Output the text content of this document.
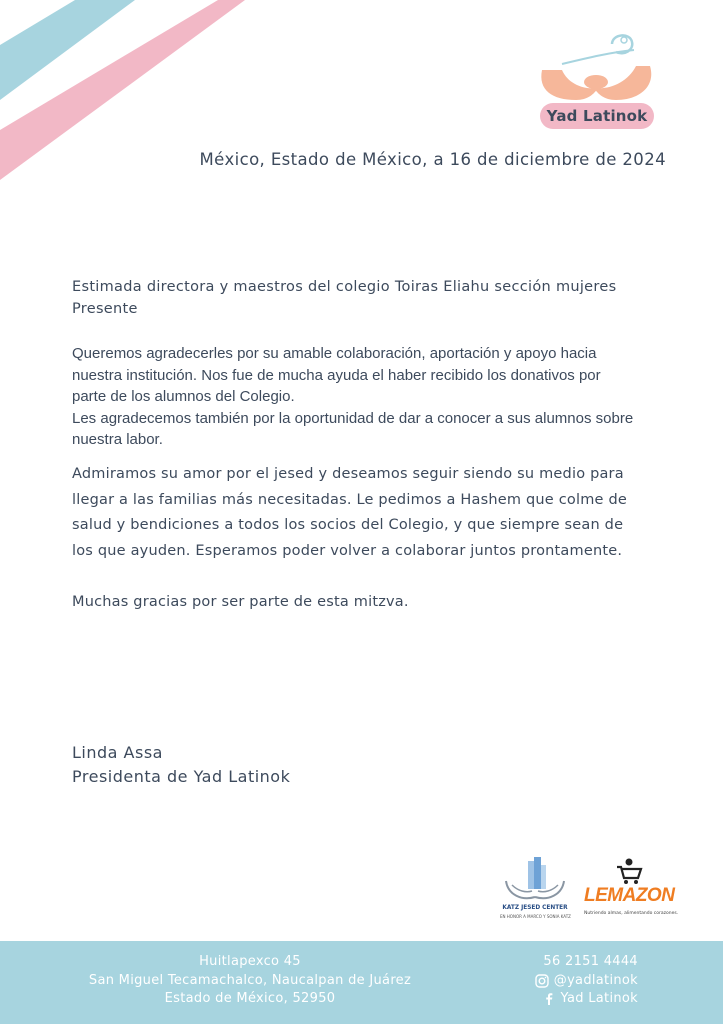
Yad Latinok
México, Estado de México, a 16 de diciembre de 2024
Estimada directora y maestros del colegio Toiras Eliahu sección mujeres
Presente
Queremos agradecerles por su amable colaboración, aportación y apoyo hacia
nuestra institución. Nos fue de mucha ayuda el haber recibido los donativos por
parte de los alumnos del Colegio.
Les agradecemos también por la oportunidad de dar a conocer a sus alumnos sobre
nuestra labor.
Admiramos su amor por el jesed y deseamos seguir siendo su medio para
llegar a las familias más necesitadas. Le pedimos a Hashem que colme de
salud y bendiciones a todos los socios del Colegio, y que siempre sean de
los que ayuden. Esperamos poder volver a colaborar juntos prontamente.
Muchas gracias por ser parte de esta mitzva.
Linda Assa
Presidenta de Yad Latinok
KATZ JESED CENTER
EN HONOR A MARCO Y SONIA KATZ
LEMAZON
Nutriendo almas, alimentando corazones.
Huitlapexco 45
San Miguel Tecamachalco, Naucalpan de Juárez
Estado de México, 52950
56 2151 4444
@yadlatinok
Yad Latinok
